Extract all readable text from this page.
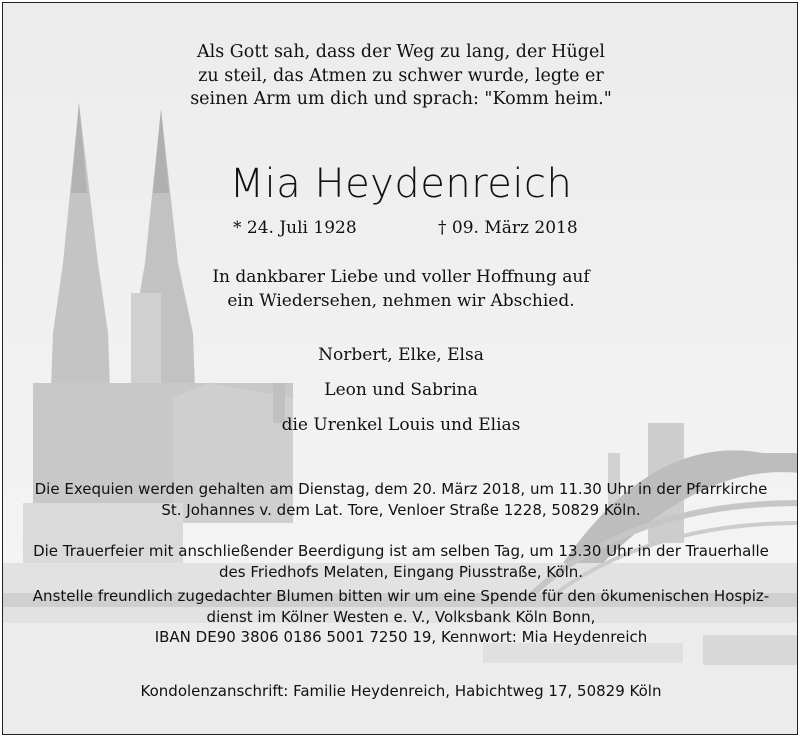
Als Gott sah, dass der Weg zu lang, der Hügel
zu steil, das Atmen zu schwer wurde, legte er
seinen Arm um dich und sprach: "Komm heim."
Mia Heydenreich
* 24. Juli 1928	† 09. März 2018
In dankbarer Liebe und voller Hoffnung auf
ein Wiedersehen, nehmen wir Abschied.
Norbert, Elke, Elsa
Leon und Sabrina
die Urenkel Louis und Elias
Die Exequien werden gehalten am Dienstag, dem 20. März 2018, um 11.30 Uhr in der Pfarrkirche
St. Johannes v. dem Lat. Tore, Venloer Straße 1228, 50829 Köln.
Die Trauerfeier mit anschließender Beerdigung ist am selben Tag, um 13.30 Uhr in der Trauerhalle
des Friedhofs Melaten, Eingang Piusstraße, Köln.
Anstelle freundlich zugedachter Blumen bitten wir um eine Spende für den ökumenischen Hospiz-
dienst im Kölner Westen e. V., Volksbank Köln Bonn,
IBAN DE90 3806 0186 5001 7250 19, Kennwort: Mia Heydenreich
Kondolenzanschrift: Familie Heydenreich, Habichtweg 17, 50829 Köln
